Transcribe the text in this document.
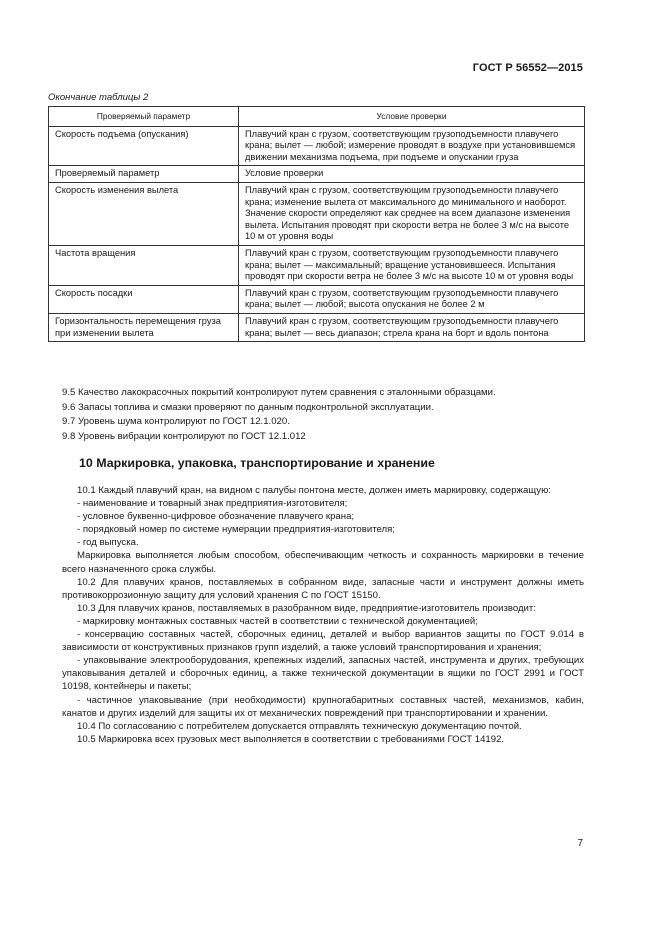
ГОСТ Р 56552—2015
Окончание таблицы 2
Проверяемый параметр	Условие проверки
Скорость подъема (опускания)	Плавучий кран с грузом, соответствующим грузоподъемности плавучего крана; вылет — любой; измерение проводят в воздухе при установившемся движении механизма подъема, при подъеме и опускании груза
Проверяемый параметр	Условие проверки
Скорость изменения вылета	Плавучий кран с грузом, соответствующим грузоподъемности плавучего крана; изменение вылета от максимального до минимального и наоборот. Значение скорости определяют как среднее на всем диапазоне изменения вылета. Испытания проводят при скорости ветра не более 3 м/с на высоте 10 м от уровня воды
Частота вращения	Плавучий кран с грузом, соответствующим грузоподъемности плавучего крана; вылет — максимальный; вращение установившееся. Испытания проводят при скорости ветра не более 3 м/с на высоте 10 м от уровня воды
Скорость посадки	Плавучий кран с грузом, соответствующим грузоподъемности плавучего крана; вылет — любой; высота опускания не более 2 м
Горизонтальность перемещения груза при изменении вылета	Плавучий кран с грузом, соответствующим грузоподъемности плавучего крана; вылет — весь диапазон; стрела крана на борт и вдоль понтона
9.5 Качество лакокрасочных покрытий контролируют путем сравнения с эталонными образцами.
9.6 Запасы топлива и смазки проверяют по данным подконтрольной эксплуатации.
9.7 Уровень шума контролируют по ГОСТ 12.1.020.
9.8 Уровень вибрации контролируют по ГОСТ 12.1.012
10 Маркировка, упаковка, транспортирование и хранение

10.1 Каждый плавучий кран, на видном с палубы понтона месте, должен иметь маркировку, содержащую:

- наименование и товарный знак предприятия-изготовителя;

- условное буквенно-цифровое обозначение плавучего крана;

- порядковый номер по системе нумерации предприятия-изготовителя;

- год выпуска.

Маркировка выполняется любым способом, обеспечивающим четкость и сохранность маркировки в течение всего назначенного срока службы.

10.2 Для плавучих кранов, поставляемых в собранном виде, запасные части и инструмент должны иметь противокоррозионную защиту для условий хранения С по ГОСТ 15150.

10.3 Для плавучих кранов, поставляемых в разобранном виде, предприятие-изготовитель производит:

- маркировку монтажных составных частей в соответствии с технической документацией;

- консервацию составных частей, сборочных единиц, деталей и выбор вариантов защиты по ГОСТ 9.014 в зависимости от конструктивных признаков групп изделий, а также условий транспортирования и хранения;

- упаковывание электрооборудования, крепежных изделий, запасных частей, инструмента и других, требующих упаковывания деталей и сборочных единиц, а также технической документации в ящики по ГОСТ 2991 и ГОСТ 10198, контейнеры и пакеты;

- частичное упаковывание (при необходимости) крупногабаритных составных частей, механизмов, кабин, канатов и других изделий для защиты их от механических повреждений при транспортировании и хранении.

10.4 По согласованию с потребителем допускается отправлять техническую документацию почтой.

10.5 Маркировка всех грузовых мест выполняется в соответствии с требованиями ГОСТ 14192.

7
